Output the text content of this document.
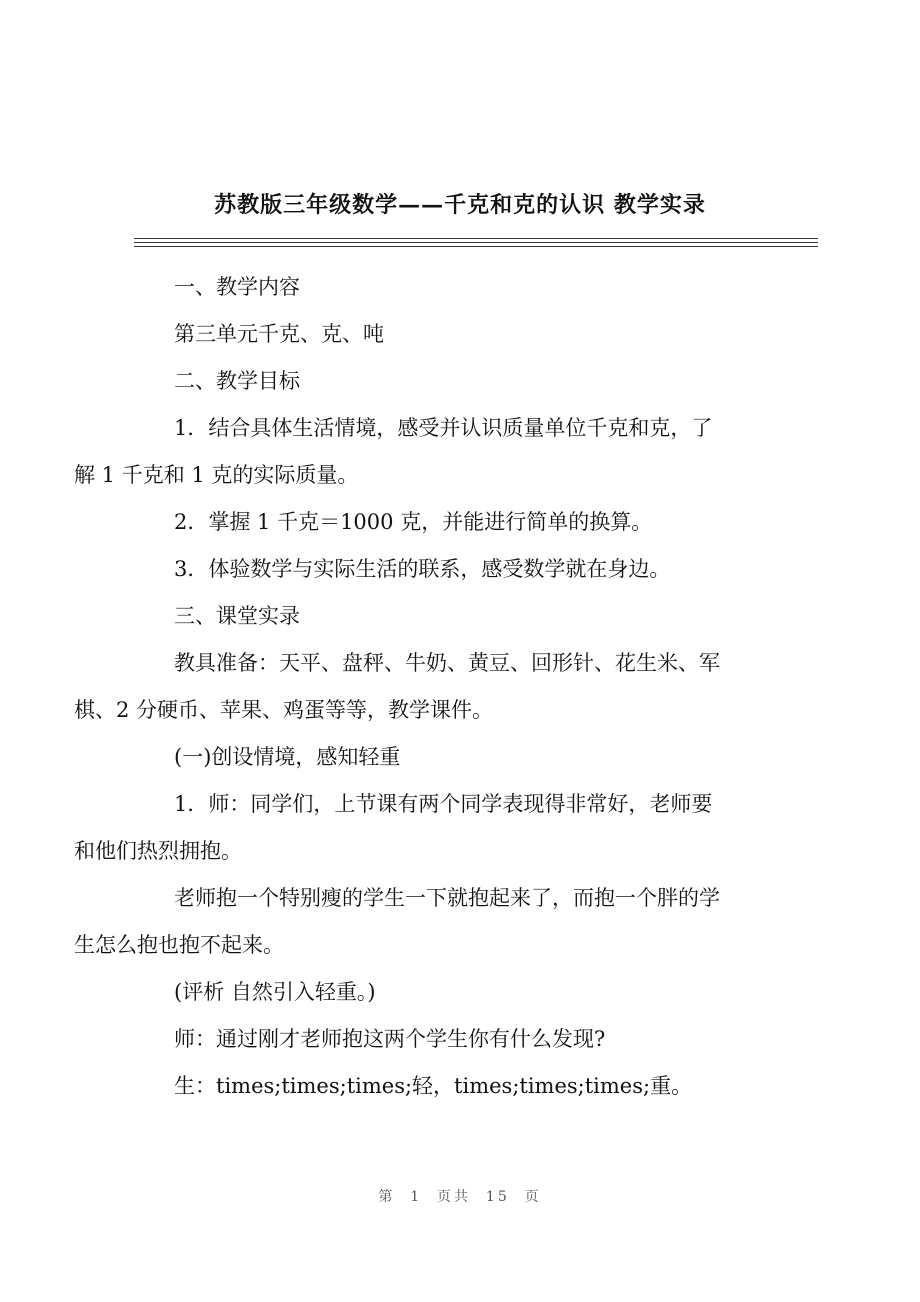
苏教版三年级数学——千克和克的认识 教学实录

一、教学内容

第三单元千克、克、吨

二、教学目标

1．结合具体生活情境，感受并认识质量单位千克和克，了
解 1 千克和 1 克的实际质量。

2．掌握 1 千克＝1000 克，并能进行简单的换算。

3．体验数学与实际生活的联系，感受数学就在身边。

三、课堂实录

教具准备：天平、盘秤、牛奶、黄豆、回形针、花生米、军
棋、2 分硬币、苹果、鸡蛋等等，教学课件。

(一)创设情境，感知轻重

1．师：同学们，上节课有两个同学表现得非常好，老师要
和他们热烈拥抱。

老师抱一个特别瘦的学生一下就抱起来了，而抱一个胖的学
生怎么抱也抱不起来。

(评析 自然引入轻重。)

师：通过刚才老师抱这两个学生你有什么发现?

生：times;times;times;轻，times;times;times;重。

第  1  页共  15  页
